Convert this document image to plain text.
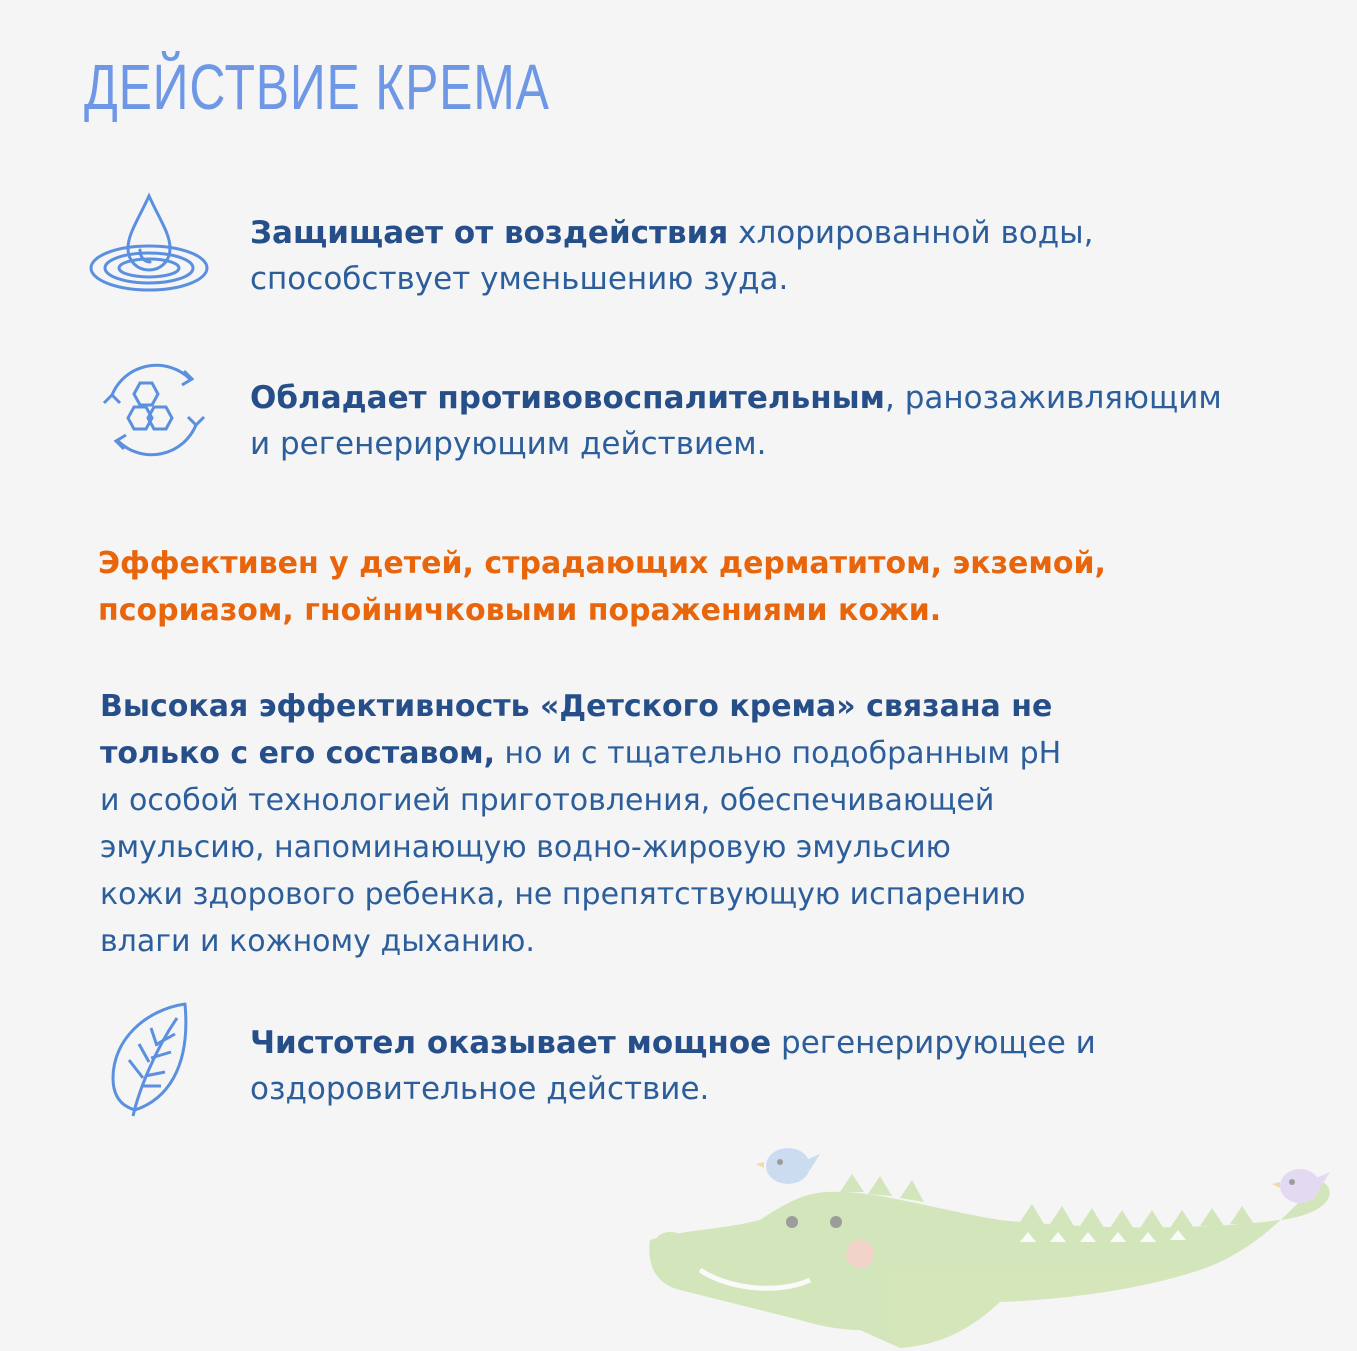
ДЕЙСТВИЕ КРЕМА
Защищает от воздействия хлорированной воды,
способствует уменьшению зуда.
Обладает противовоспалительным, ранозаживляющим
и регенерирующим действием.
Эффективен у детей, страдающих дерматитом, экземой,
псориазом, гнойничковыми поражениями кожи.
Высокая эффективность «Детского крема» связана не
только с его составом, но и с тщательно подобранным pH
и особой технологией приготовления, обеспечивающей
эмульсию, напоминающую водно-жировую эмульсию
кожи здорового ребенка, не препятствующую испарению
влаги и кожному дыханию.
Чистотел оказывает мощное регенерирующее и
оздоровительное действие.
